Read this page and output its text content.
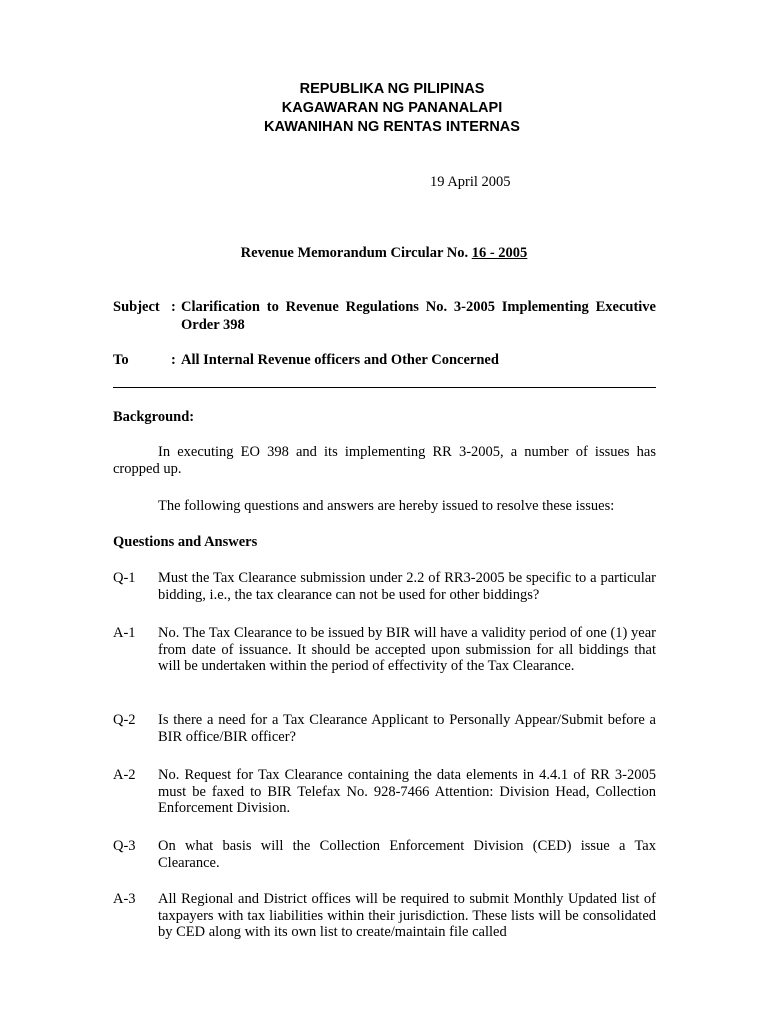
REPUBLIKA NG PILIPINAS
KAGAWARAN NG PANANALAPI
KAWANIHAN NG RENTAS INTERNAS
19 April 2005
Revenue Memorandum Circular No. 16 - 2005
Subject : Clarification to Revenue Regulations No. 3-2005 Implementing Executive Order 398
To	: All Internal Revenue officers and Other Concerned
Background:
In executing EO 398 and its implementing RR 3-2005, a number of issues has cropped up.
The following questions and answers are hereby issued to resolve these issues:
Questions and Answers
Q-1	Must the Tax Clearance submission under 2.2 of RR3-2005 be specific to a particular bidding, i.e., the tax clearance can not be used for other biddings?
A-1	No. The Tax Clearance to be issued by BIR will have a validity period of one (1) year from date of issuance. It should be accepted upon submission for all biddings that will be undertaken within the period of effectivity of the Tax Clearance.
Q-2	Is there a need for a Tax Clearance Applicant to Personally Appear/Submit before a BIR office/BIR officer?
A-2	No. Request for Tax Clearance containing the data elements in 4.4.1 of RR 3-2005 must be faxed to BIR Telefax No. 928-7466 Attention: Division Head, Collection Enforcement Division.
Q-3	On what basis will the Collection Enforcement Division (CED) issue a Tax Clearance.
A-3	All Regional and District offices will be required to submit Monthly Updated list of taxpayers with tax liabilities within their jurisdiction. These lists will be consolidated by CED along with its own list to create/maintain file called
